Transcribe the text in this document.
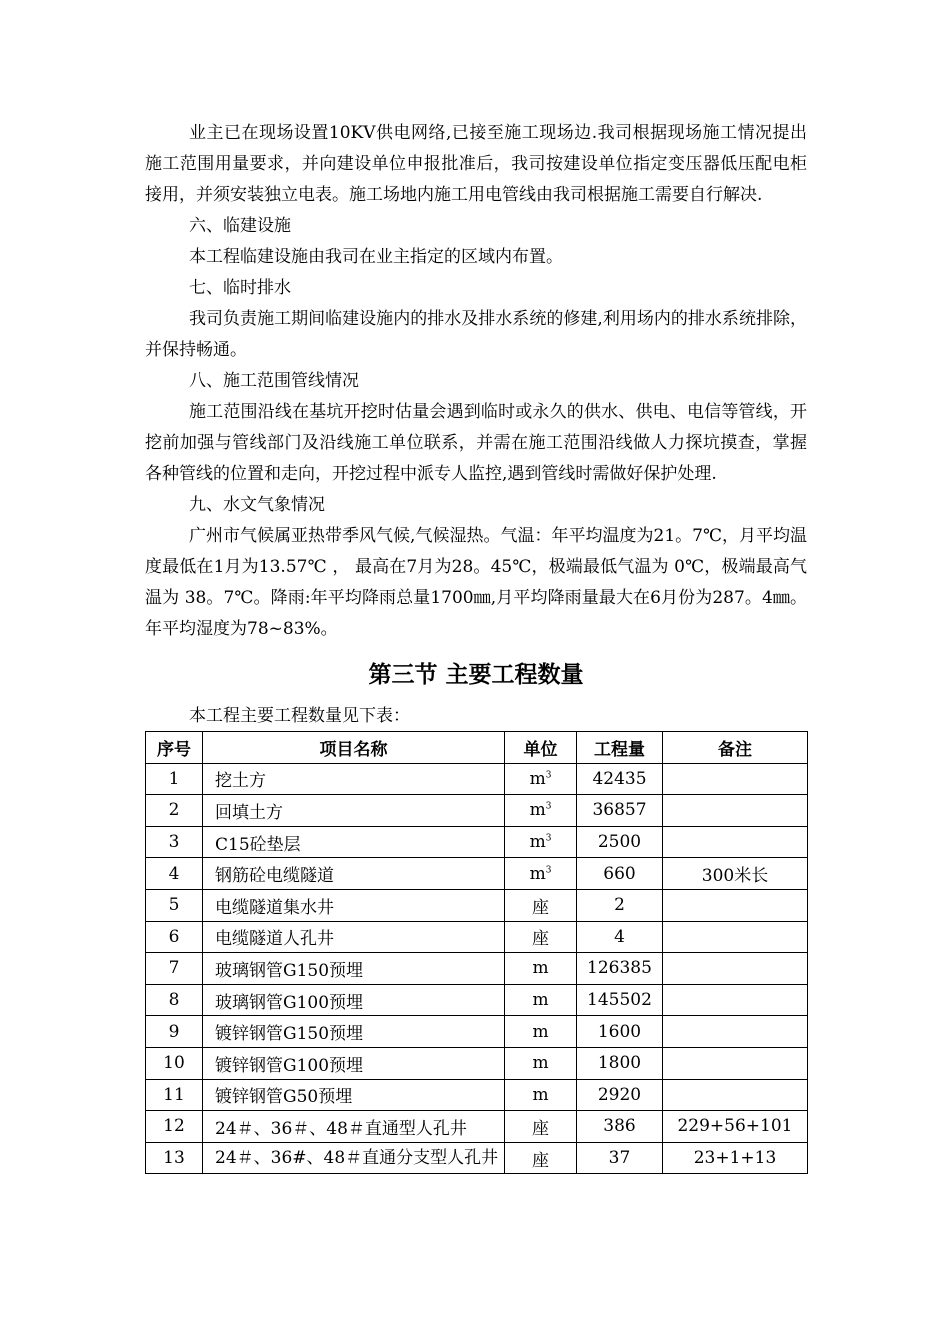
业主已在现场设置10KV供电网络,已接至施工现场边.我司根据现场施工情况提出施工范围用量要求，并向建设单位申报批准后，我司按建设单位指定变压器低压配电柜接用，并须安装独立电表。施工场地内施工用电管线由我司根据施工需要自行解决.

六、临建设施

本工程临建设施由我司在业主指定的区域内布置。

七、临时排水

我司负责施工期间临建设施内的排水及排水系统的修建,利用场内的排水系统排除，并保持畅通。

八、施工范围管线情况

施工范围沿线在基坑开挖时估量会遇到临时或永久的供水、供电、电信等管线，开挖前加强与管线部门及沿线施工单位联系，并需在施工范围沿线做人力探坑摸查，掌握各种管线的位置和走向，开挖过程中派专人监控,遇到管线时需做好保护处理.

九、水文气象情况

广州市气候属亚热带季风气候,气候湿热。气温：年平均温度为21。7℃，月平均温度最低在1月为13.57℃ ， 最高在7月为28。45℃，极端最低气温为 0℃，极端最高气温为 38。7℃。降雨:年平均降雨总量1700㎜,月平均降雨量最大在6月份为287。4㎜。年平均湿度为78~83%。

第三节 主要工程数量

本工程主要工程数量见下表：

序号	项目名称	单位	工程量	备注
1	挖土方	$m^3$	42435	
2	回填土方	$m^3$	36857	
3	C15砼垫层	$m^3$	2500	
4	钢筋砼电缆隧道	$m^3$	660	300米长
5	电缆隧道集水井	座	2	
6	电缆隧道人孔井	座	4	
7	玻璃钢管G150预埋	m	126385	
8	玻璃钢管G100预埋	m	145502	
9	镀锌钢管G150预埋	m	1600	
10	镀锌钢管G100预埋	m	1800	
11	镀锌钢管G50预埋	m	2920	
12	24＃、36＃、48＃直通型人孔井	座	386	229+56+101
13	24＃、36#、48＃直通分支型人孔井	座	37	23+1+13
